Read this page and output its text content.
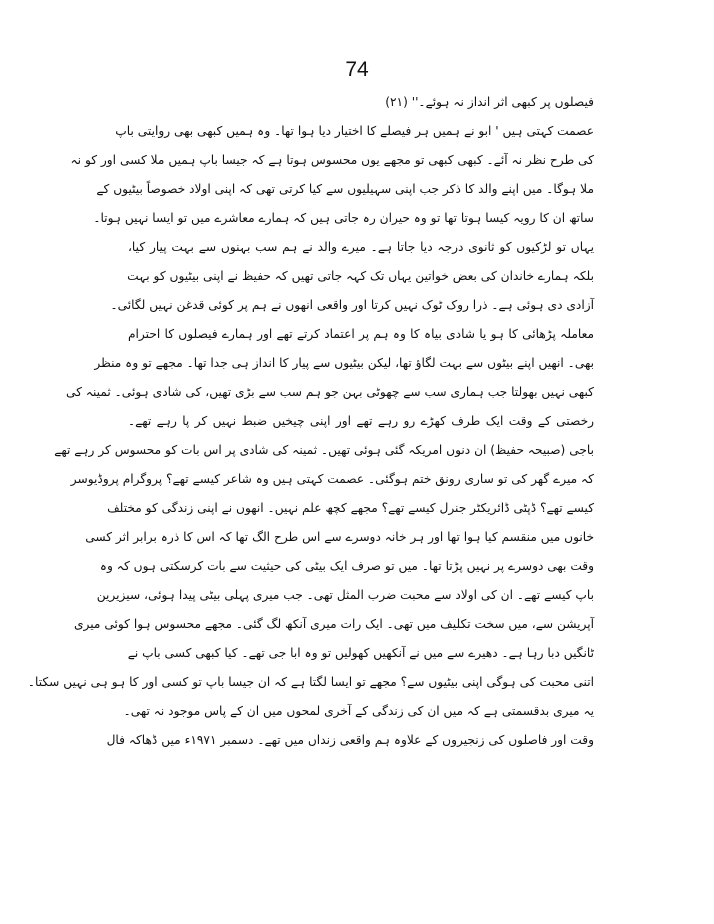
74
فیصلوں پر کبھی اثر انداز نہ ہوئے۔'' (۲۱)
عصمت کہتی ہیں ' ابو نے ہمیں ہر فیصلے کا اختیار دیا ہوا تھا۔ وہ ہمیں کبھی بھی روایتی باپ
کی طرح نظر نہ آئے۔ کبھی کبھی تو مجھے یوں محسوس ہوتا ہے کہ جیسا باپ ہمیں ملا کسی اور کو نہ
ملا ہوگا۔ میں اپنے والد کا ذکر جب اپنی سہیلیوں سے کیا کرتی تھی کہ اپنی اولاد خصوصاً بیٹیوں کے
ساتھ ان کا رویہ کیسا ہوتا تھا تو وہ حیران رہ جاتی ہیں کہ ہمارے معاشرے میں تو ایسا نہیں ہوتا۔
یہاں تو لڑکیوں کو ثانوی درجہ دیا جاتا ہے۔ میرے والد نے ہم سب بہنوں سے بہت پیار کیا،
بلکہ ہمارے خاندان کی بعض خواتین یہاں تک کہہ جاتی تھیں کہ حفیظ نے اپنی بیٹیوں کو بہت
آزادی دی ہوئی ہے۔ ذرا روک ٹوک نہیں کرتا اور واقعی انھوں نے ہم پر کوئی قدغن نہیں لگائی۔
معاملہ پڑھائی کا ہو یا شادی بیاہ کا وہ ہم پر اعتماد کرتے تھے اور ہمارے فیصلوں کا احترام
بھی۔ انھیں اپنے بیٹوں سے بہت لگاؤ تھا، لیکن بیٹیوں سے پیار کا انداز ہی جدا تھا۔ مجھے تو وہ منظر
کبھی نہیں بھولتا جب ہماری سب سے چھوٹی بہن جو ہم سب سے بڑی تھیں، کی شادی ہوئی۔ ثمینہ کی
رخصتی کے وقت ایک طرف کھڑے رو رہے تھے اور اپنی چیخیں ضبط نہیں کر پا رہے تھے۔
باجی (صبیحہ حفیظ) ان دنوں امریکہ گئی ہوئی تھیں۔ ثمینہ کی شادی پر اس بات کو محسوس کر رہے تھے
کہ میرے گھر کی تو ساری رونق ختم ہوگئی۔ عصمت کہتی ہیں وہ شاعر کیسے تھے؟ پروگرام پروڈیوسر
کیسے تھے؟ ڈپٹی ڈائریکٹر جنرل کیسے تھے؟ مجھے کچھ علم نہیں۔ انھوں نے اپنی زندگی کو مختلف
خانوں میں منقسم کیا ہوا تھا اور ہر خانہ دوسرے سے اس طرح الگ تھا کہ اس کا ذرہ برابر اثر کسی
وقت بھی دوسرے پر نہیں پڑتا تھا۔ میں تو صرف ایک بیٹی کی حیثیت سے بات کرسکتی ہوں کہ وہ
باپ کیسے تھے۔ ان کی اولاد سے محبت ضرب المثل تھی۔ جب میری پہلی بیٹی پیدا ہوئی، سیزیرین
آپریشن سے، میں سخت تکلیف میں تھی۔ ایک رات میری آنکھ لگ گئی۔ مجھے محسوس ہوا کوئی میری
ٹانگیں دبا رہا ہے۔ دھیرے سے میں نے آنکھیں کھولیں تو وہ ابا جی تھے۔ کیا کبھی کسی باپ نے
اتنی محبت کی ہوگی اپنی بیٹیوں سے؟ مجھے تو ایسا لگتا ہے کہ ان جیسا باپ تو کسی اور کا ہو ہی نہیں سکتا۔
یہ میری بدقسمتی ہے کہ میں ان کی زندگی کے آخری لمحوں میں ان کے پاس موجود نہ تھی۔
وقت اور فاصلوں کی زنجیروں کے علاوہ ہم واقعی زنداں میں تھے۔ دسمبر ۱۹۷۱ء میں ڈھاکہ فال
